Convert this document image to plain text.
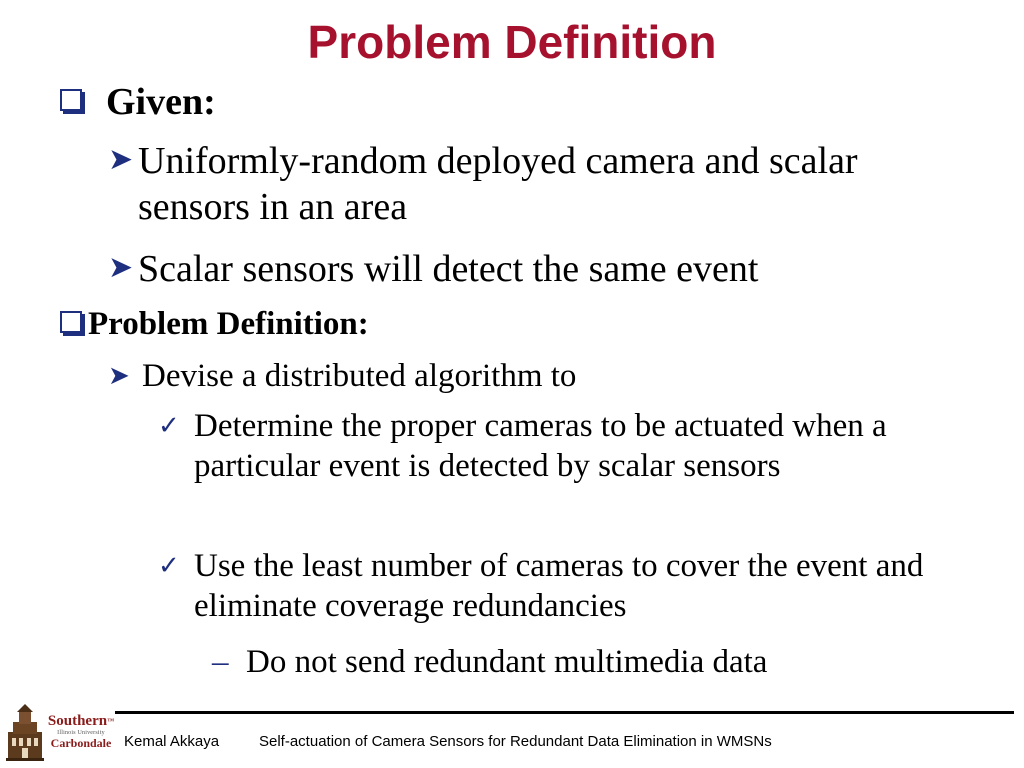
Problem Definition
Given:
➤ Uniformly-random deployed camera and scalar sensors in an area
➤ Scalar sensors will detect the same event
Problem Definition:
➤ Devise a distributed algorithm to
✓ Determine the proper cameras to be actuated when a particular event is detected by scalar sensors
✓ Use the least number of cameras to cover the event and eliminate coverage redundancies
– Do not send redundant multimedia data
Southern™
Illinois University
Carbondale Kemal Akkaya	Self-actuation of Camera Sensors for Redundant Data Elimination in WMSNs
